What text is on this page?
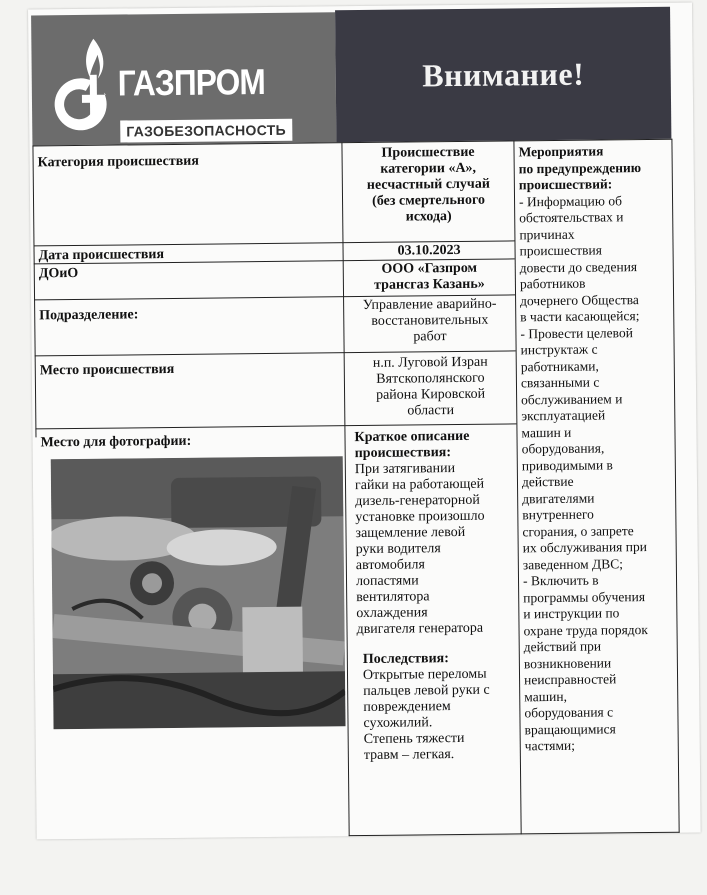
ГАЗПРОМ
ГАЗОБЕЗОПАСНОСТЬ
Внимание!
Категория происшествия
Дата происшествия
ДОиО
Подразделение:
Место происшествия
Место для фотографии:
Происшествие
категории «А»,
несчастный случай
(без смертельного
исхода)
03.10.2023
ООО «Газпром
трансгаз Казань»
Управление аварийно-
восстановительных
работ
н.п. Луговой Изран
Вятскополянского
района Кировской
области
Краткое описание
происшествия:
При затягивании
гайки на работающей
дизель-генераторной
установке произошло
защемление левой
руки водителя
автомобиля
лопастями
вентилятора
охлаждения
двигателя генератора
Последствия:
Открытые переломы
пальцев левой руки с
повреждением
сухожилий.
Степень тяжести
травм – легкая.
Мероприятия
по предупреждению
происшествий:
- Информацию об
обстоятельствах и
причинах
происшествия
довести до сведения
работников
дочернего Общества
в части касающейся;
- Провести целевой
инструктаж с
работниками,
связанными с
обслуживанием и
эксплуатацией
машин и
оборудования,
приводимыми в
действие
двигателями
внутреннего
сгорания, о запрете
их обслуживания при
заведенном ДВС;
- Включить в
программы обучения
и инструкции по
охране труда порядок
действий при
возникновении
неисправностей
машин,
оборудования с
вращающимися
частями;
